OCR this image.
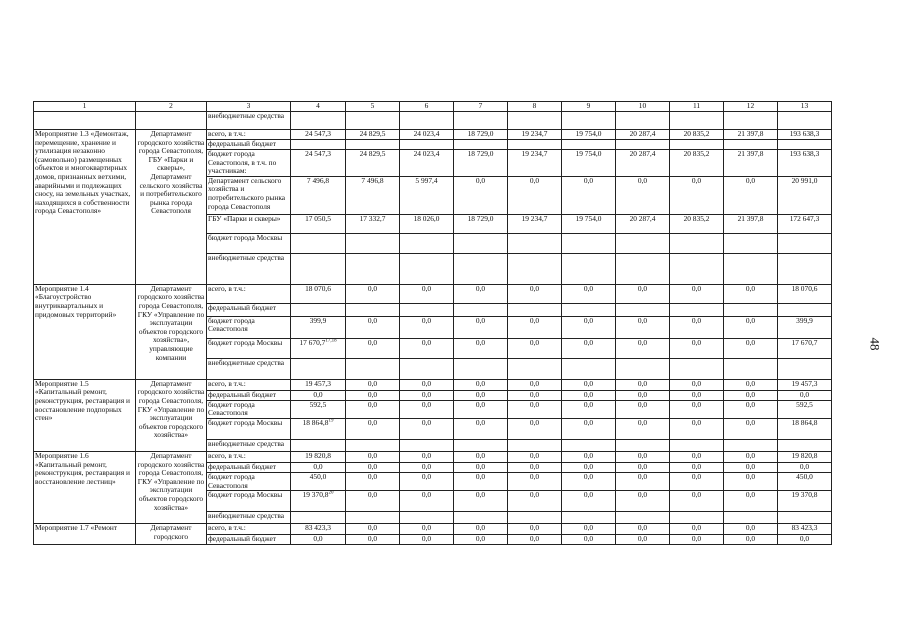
48
1	2	3	4	5	6	7	8	9	10	11	12	13
		внебюджетные средства										
Мероприятие 1.3 «Демонтаж, перемещение, хранение и утилизация незаконно (самовольно) размещенных объектов и многоквартирных домов, признанных ветхими, аварийными и подлежащих сносу, на земельных участках, находящихся в собственности города Севастополя»	Департамент городского хозяйства города Севастополя, ГБУ «Парки и скверы», Департамент сельского хозяйства и потребительского рынка города Севастополя	всего, в т.ч.:	24 547,3	24 829,5	24 023,4	18 729,0	19 234,7	19 754,0	20 287,4	20 835,2	21 397,8	193 638,3
		федеральный бюджет										
		бюджет города Севастополя, в т.ч. по участникам:	24 547,3	24 829,5	24 023,4	18 729,0	19 234,7	19 754,0	20 287,4	20 835,2	21 397,8	193 638,3
		Департамент сельского хозяйства и потребительского рынка города Севастополя	7 496,8	7 496,8	5 997,4	0,0	0,0	0,0	0,0	0,0	0,0	20 991,0
		ГБУ «Парки и скверы»	17 050,5	17 332,7	18 026,0	18 729,0	19 234,7	19 754,0	20 287,4	20 835,2	21 397,8	172 647,3
		бюджет города Москвы										
		внебюджетные средства										
Мероприятие 1.4 «Благоустройство внутриквартальных и придомовых территорий»	Департамент городского хозяйства города Севастополя, ГКУ «Управление по эксплуатации объектов городского хозяйства», управляющие компании	всего, в т.ч.:	18 070,6	0,0	0,0	0,0	0,0	0,0	0,0	0,0	0,0	18 070,6
		федеральный бюджет										
		бюджет города Севастополя	399,9	0,0	0,0	0,0	0,0	0,0	0,0	0,0	0,0	399,9
		бюджет города Москвы	17 670,7$^{17,18}$	0,0	0,0	0,0	0,0	0,0	0,0	0,0	0,0	17 670,7
		внебюджетные средства										
Мероприятие 1.5 «Капитальный ремонт, реконструкция, реставрация и восстановление подпорных стен»	Департамент городского хозяйства города Севастополя, ГКУ «Управление по эксплуатации объектов городского хозяйства»	всего, в т.ч.:	19 457,3	0,0	0,0	0,0	0,0	0,0	0,0	0,0	0,0	19 457,3
		федеральный бюджет	0,0	0,0	0,0	0,0	0,0	0,0	0,0	0,0	0,0	0,0
		бюджет города Севастополя	592,5	0,0	0,0	0,0	0,0	0,0	0,0	0,0	0,0	592,5
		бюджет города Москвы	18 864,8$^{19}$	0,0	0,0	0,0	0,0	0,0	0,0	0,0	0,0	18 864,8
		внебюджетные средства										
Мероприятие 1.6 «Капитальный ремонт, реконструкция, реставрация и восстановление лестниц»	Департамент городского хозяйства города Севастополя, ГКУ «Управление по эксплуатации объектов городского хозяйства»	всего, в т.ч.:	19 820,8	0,0	0,0	0,0	0,0	0,0	0,0	0,0	0,0	19 820,8
		федеральный бюджет	0,0	0,0	0,0	0,0	0,0	0,0	0,0	0,0	0,0	0,0
		бюджет города Севастополя	450,0	0,0	0,0	0,0	0,0	0,0	0,0	0,0	0,0	450,0
		бюджет города Москвы	19 370,8$^{20}$	0,0	0,0	0,0	0,0	0,0	0,0	0,0	0,0	19 370,8
		внебюджетные средства										
Мероприятие 1.7 «Ремонт	Департамент городского	всего, в т.ч.:	83 423,3	0,0	0,0	0,0	0,0	0,0	0,0	0,0	0,0	83 423,3
		федеральный бюджет	0,0	0,0	0,0	0,0	0,0	0,0	0,0	0,0	0,0	0,0
